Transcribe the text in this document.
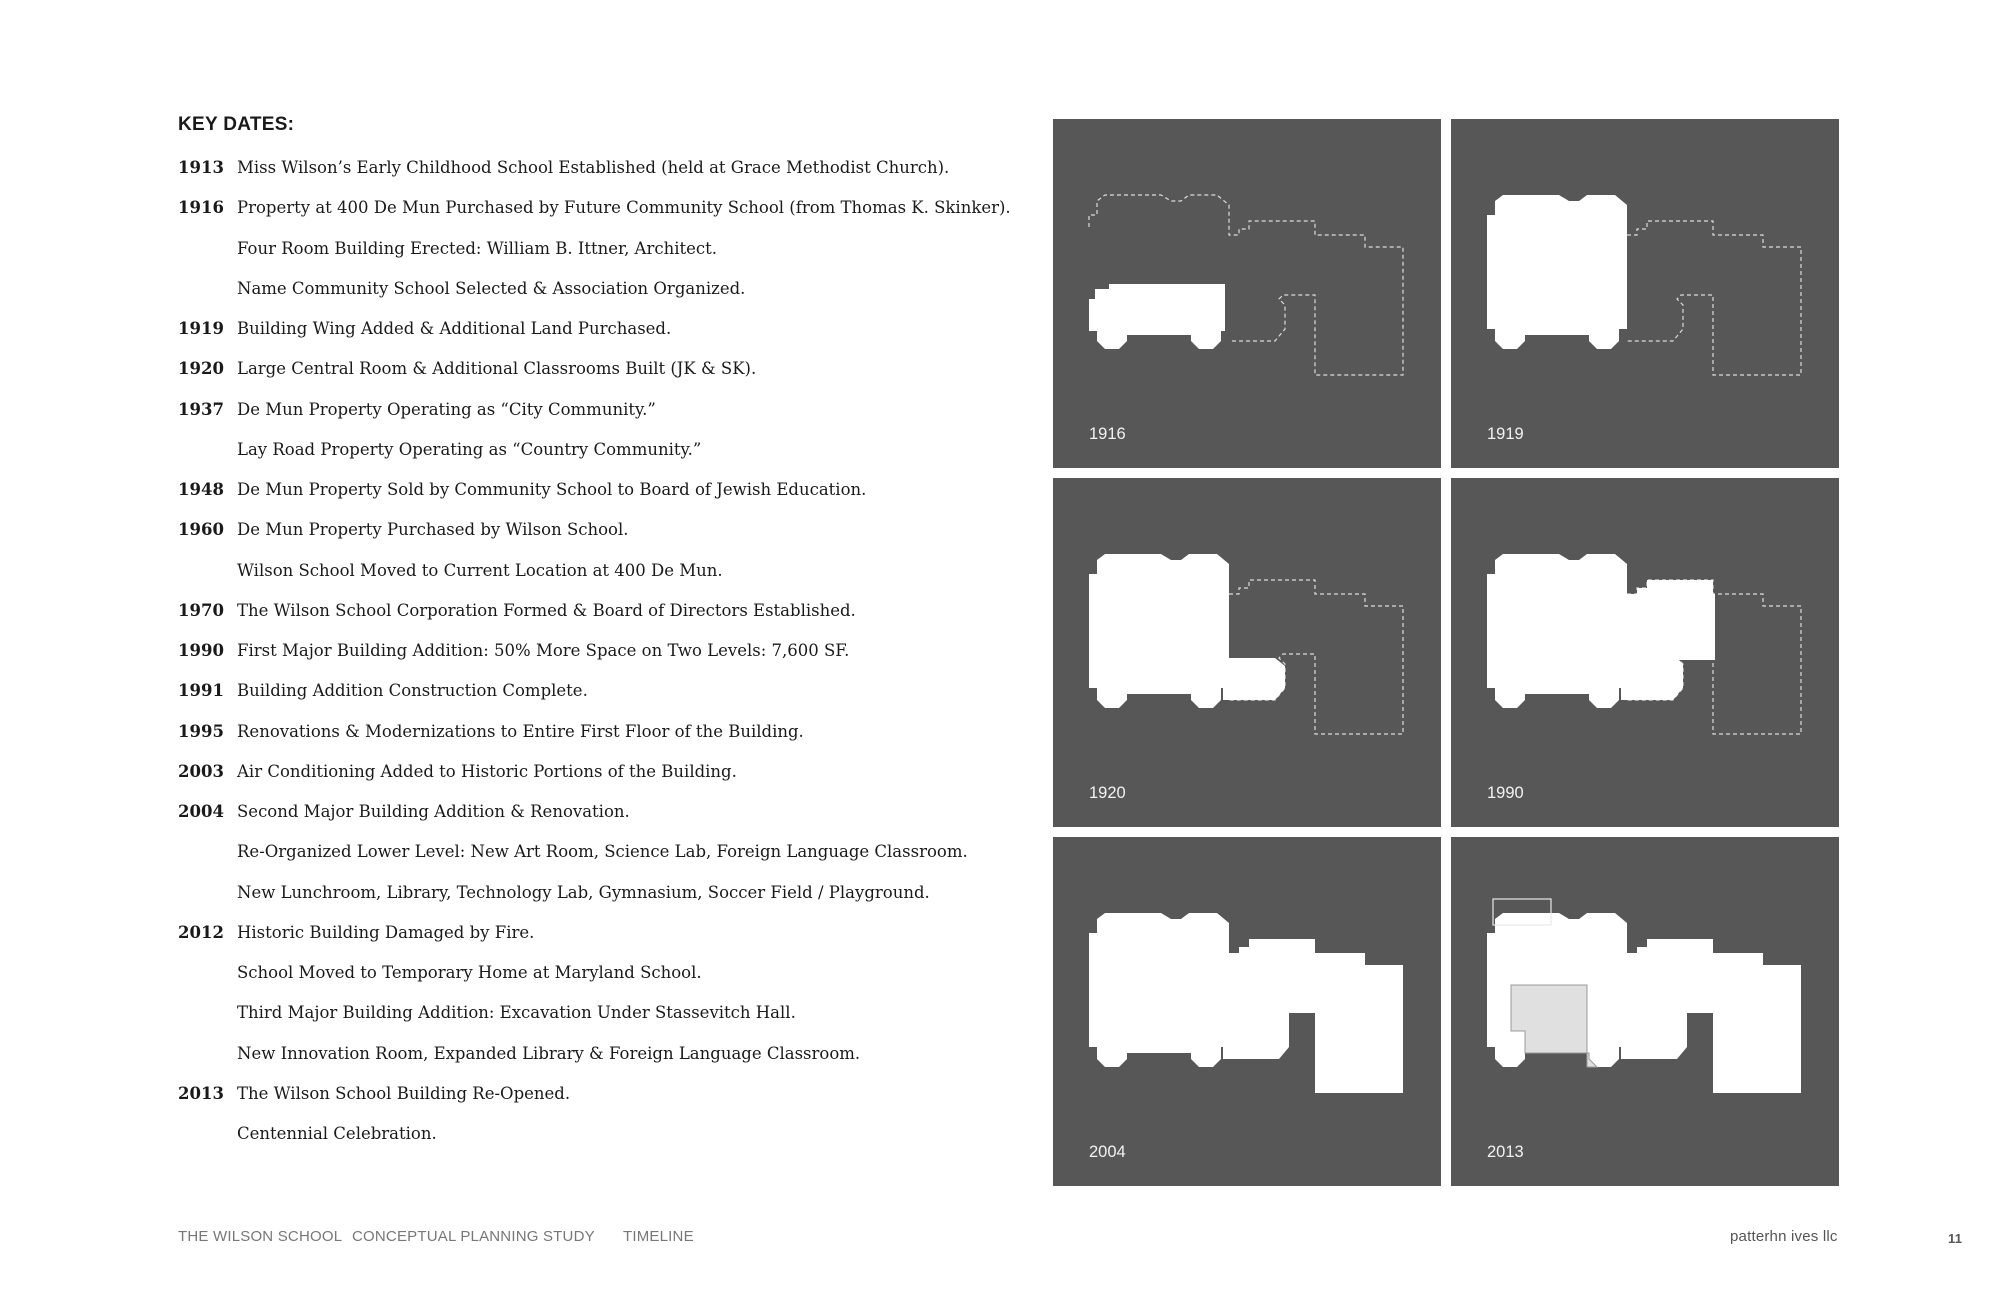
KEY DATES:
1913 Miss Wilson’s Early Childhood School Established (held at Grace Methodist Church).
1916 Property at 400 De Mun Purchased by Future Community School (from Thomas K. Skinker).
Four Room Building Erected: William B. Ittner, Architect.
Name Community School Selected & Association Organized.
1919 Building Wing Added & Additional Land Purchased.
1920 Large Central Room & Additional Classrooms Built (JK & SK).
1937 De Mun Property Operating as “City Community.”
Lay Road Property Operating as “Country Community.”
1948 De Mun Property Sold by Community School to Board of Jewish Education.
1960 De Mun Property Purchased by Wilson School.
Wilson School Moved to Current Location at 400 De Mun.
1970 The Wilson School Corporation Formed & Board of Directors Established.
1990 First Major Building Addition: 50% More Space on Two Levels: 7,600 SF.
1991 Building Addition Construction Complete.
1995 Renovations & Modernizations to Entire First Floor of the Building.
2003 Air Conditioning Added to Historic Portions of the Building.
2004 Second Major Building Addition & Renovation.
Re-Organized Lower Level: New Art Room, Science Lab, Foreign Language Classroom.
New Lunchroom, Library, Technology Lab, Gymnasium, Soccer Field / Playground.
2012 Historic Building Damaged by Fire.
School Moved to Temporary Home at Maryland School.
Third Major Building Addition: Excavation Under Stassevitch Hall.
New Innovation Room, Expanded Library & Foreign Language Classroom.
2013 The Wilson School Building Re-Opened.
Centennial Celebration.
1916	1919
1920	1990
2004	2013
THE WILSON SCHOOL CONCEPTUAL PLANNING STUDY TIMELINE	patterhn ives llc	11
